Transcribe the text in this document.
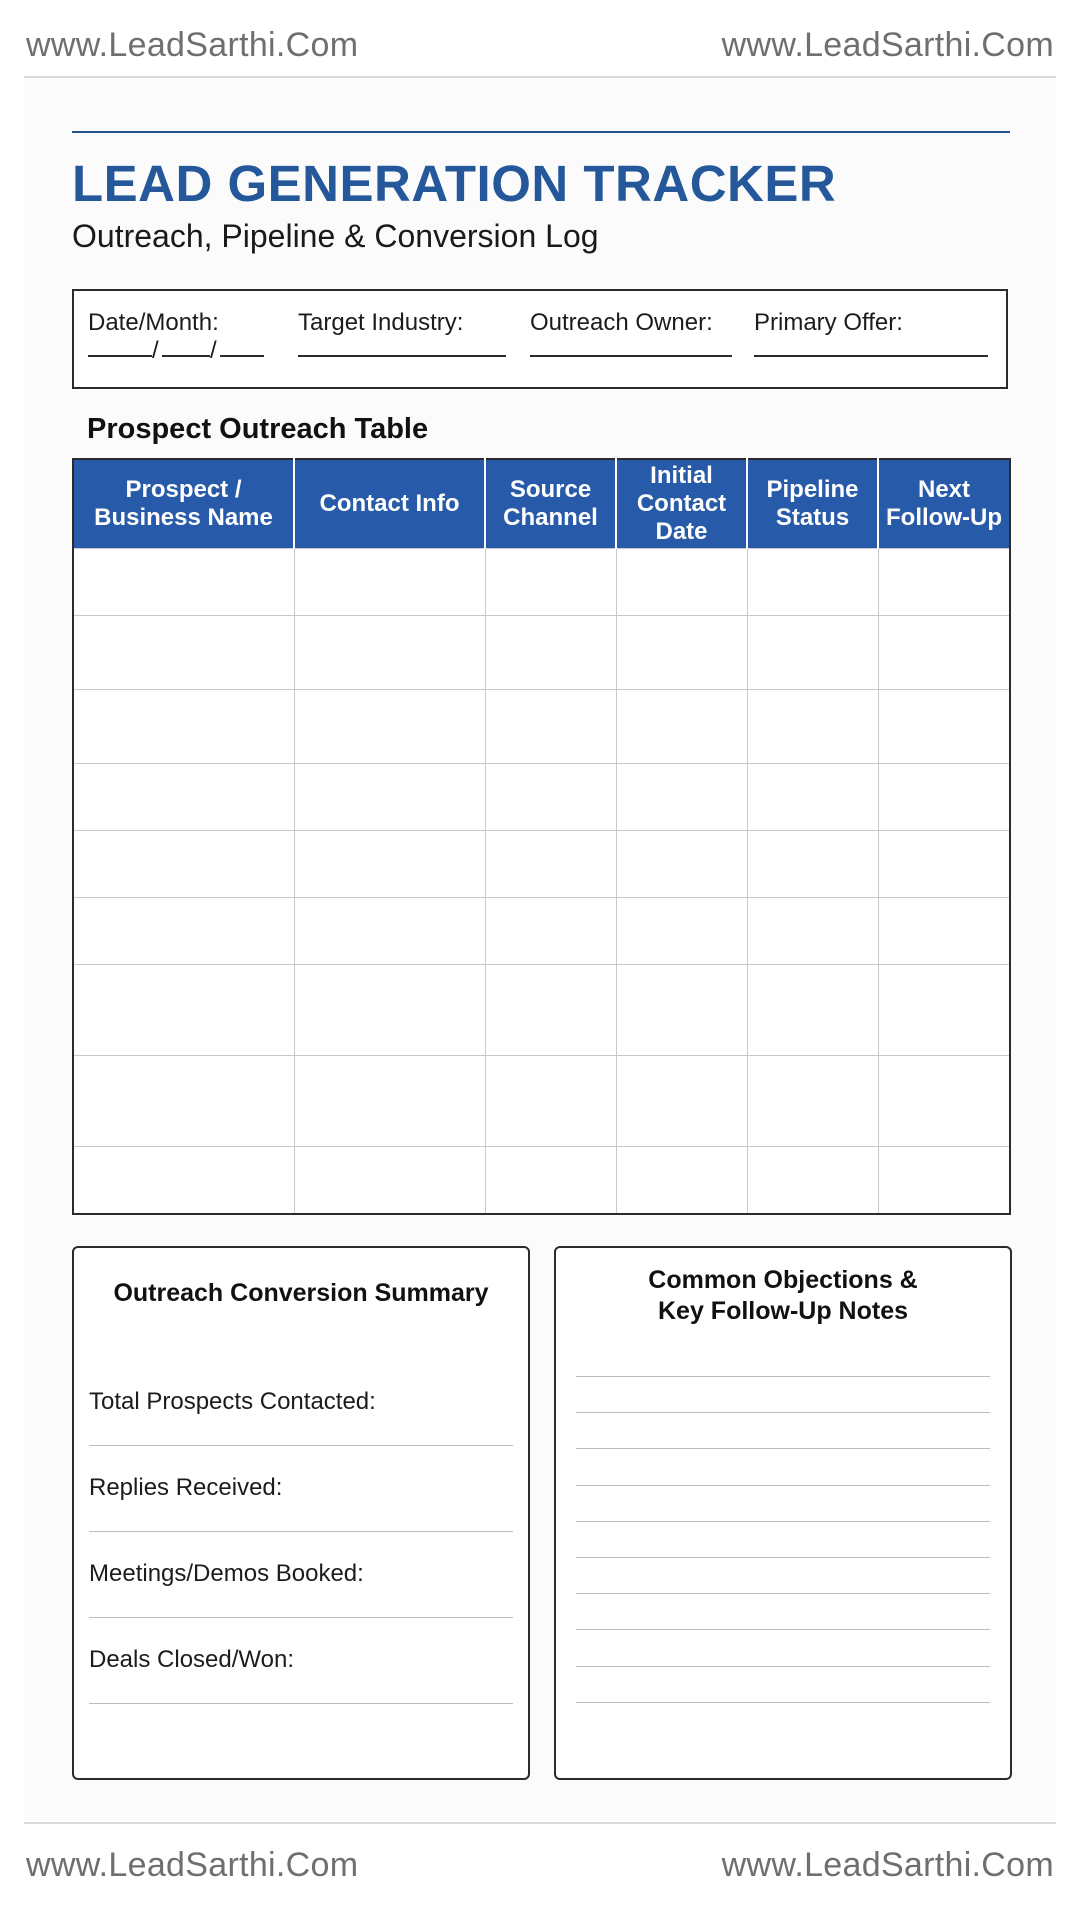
www.LeadSarthi.Com	www.LeadSarthi.Com
www.LeadSarthi.Com	www.LeadSarthi.Com
LEAD GENERATION TRACKER
Outreach, Pipeline & Conversion Log
Date/Month:
/ /
Target Industry:	Outreach Owner: Primary Offer:
Prospect Outreach Table
Prospect / Business Name	Contact Info	Source Channel	Initial Contact Date	Pipeline Status	Next Follow-Up

Outreach Conversion Summary
Total Prospects Contacted:
Replies Received:
Meetings/Demos Booked:
Deals Closed/Won:
Common Objections &
Key Follow-Up Notes
